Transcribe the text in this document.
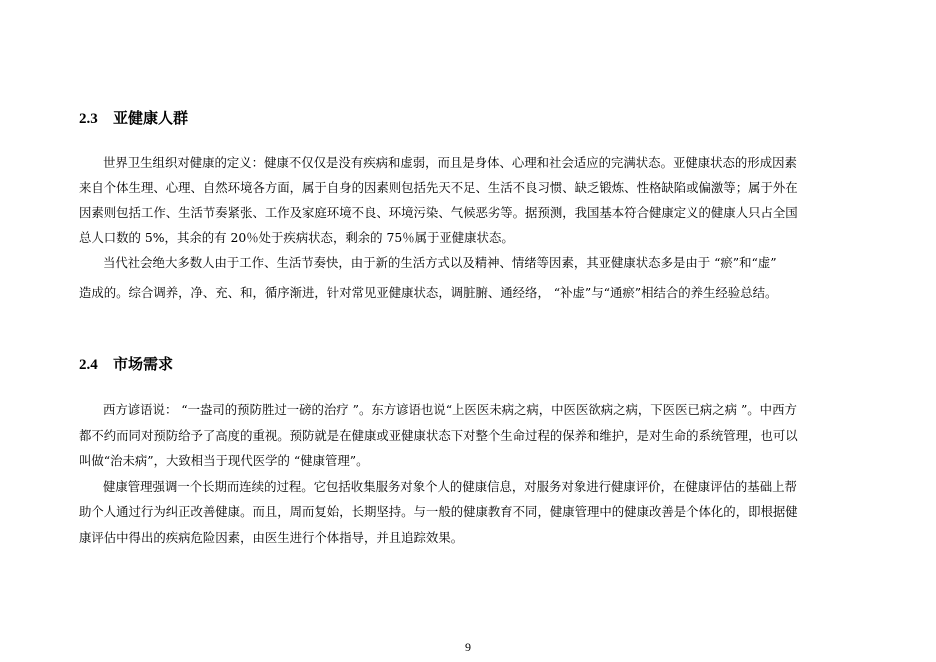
2.3 亚健康人群
世界卫生组织对健康的定义：健康不仅仅是没有疾病和虚弱，而且是身体、心理和社会适应的完满状态。亚健康状态的形成因素
来自个体生理、心理、自然环境各方面，属于自身的因素则包括先天不足、生活不良习惯、缺乏锻炼、性格缺陷或偏激等；属于外在
因素则包括工作、生活节奏紧张、工作及家庭环境不良、环境污染、气候恶劣等。据预测，我国基本符合健康定义的健康人只占全国
总人口数的 5%，其余的有 20％处于疾病状态，剩余的 75％属于亚健康状态。
当代社会绝大多数人由于工作、生活节奏快，由于新的生活方式以及精神、情绪等因素，其亚健康状态多是由于 “瘀”和“虚”
造成的。综合调养，净、充、和，循序渐进，针对常见亚健康状态，调脏腑、通经络， “补虚”与“通瘀”相结合的养生经验总结。
2.4 市场需求
西方谚语说： “一盎司的预防胜过一磅的治疗 ”。东方谚语也说“上医医未病之病，中医医欲病之病，下医医已病之病 ”。中西方
都不约而同对预防给予了高度的重视。预防就是在健康或亚健康状态下对整个生命过程的保养和维护，是对生命的系统管理，也可以
叫做“治未病”，大致相当于现代医学的 “健康管理”。
健康管理强调一个长期而连续的过程。它包括收集服务对象个人的健康信息，对服务对象进行健康评价，在健康评估的基础上帮
助个人通过行为纠正改善健康。而且，周而复始，长期坚持。与一般的健康教育不同，健康管理中的健康改善是个体化的，即根据健
康评估中得出的疾病危险因素，由医生进行个体指导，并且追踪效果。
9
